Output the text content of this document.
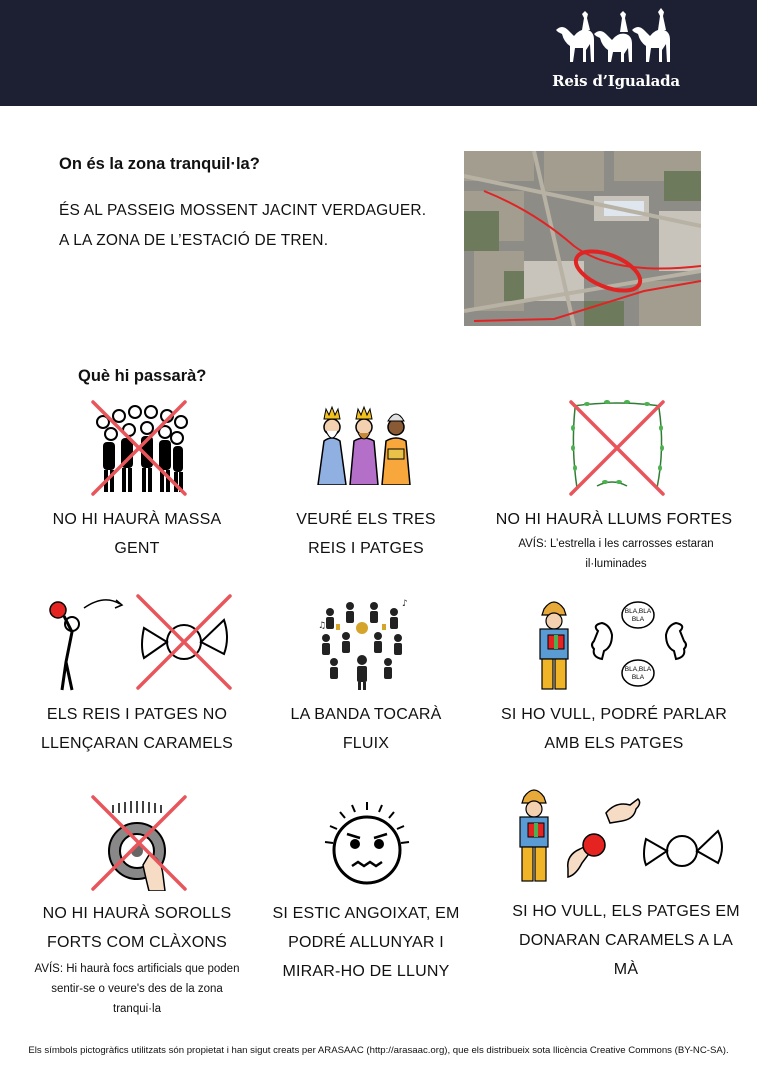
Reis d’Igualada
On és la zona tranquil·la?
ÉS AL PASSEIG MOSSENT JACINT VERDAGUER.
A LA ZONA DE L’ESTACIÓ DE TREN.
Què hi passarà?
NO HI HAURÀ MASSA
GENT
VEURÉ ELS TRES
REIS I PATGES
NO HI HAURÀ LLUMS FORTES
AVÍS: L’estrella i les carrosses estaran
il·luminades
ELS REIS I PATGES NO
LLENÇARAN CARAMELS
♪
♫
LA BANDA TOCARÀ
FLUIX
BLA,BLA
BLA
BLA,BLA
BLA
SI HO VULL, PODRÉ PARLAR
AMB ELS PATGES
NO HI HAURÀ SOROLLS
FORTS COM CLÀXONS
AVÍS: Hi haurà focs artificials que poden
sentir-se o veure's des de la zona
tranqui·la
SI ESTIC ANGOIXAT, EM
PODRÉ ALLUNYAR I
MIRAR-HO DE LLUNY
SI HO VULL, ELS PATGES EM
DONARAN CARAMELS A LA
MÀ
Els símbols pictogràfics utilitzats són propietat i han sigut creats per ARASAAC (http://arasaac.org), que els distribueix sota llicència Creative Commons (BY-NC-SA).
